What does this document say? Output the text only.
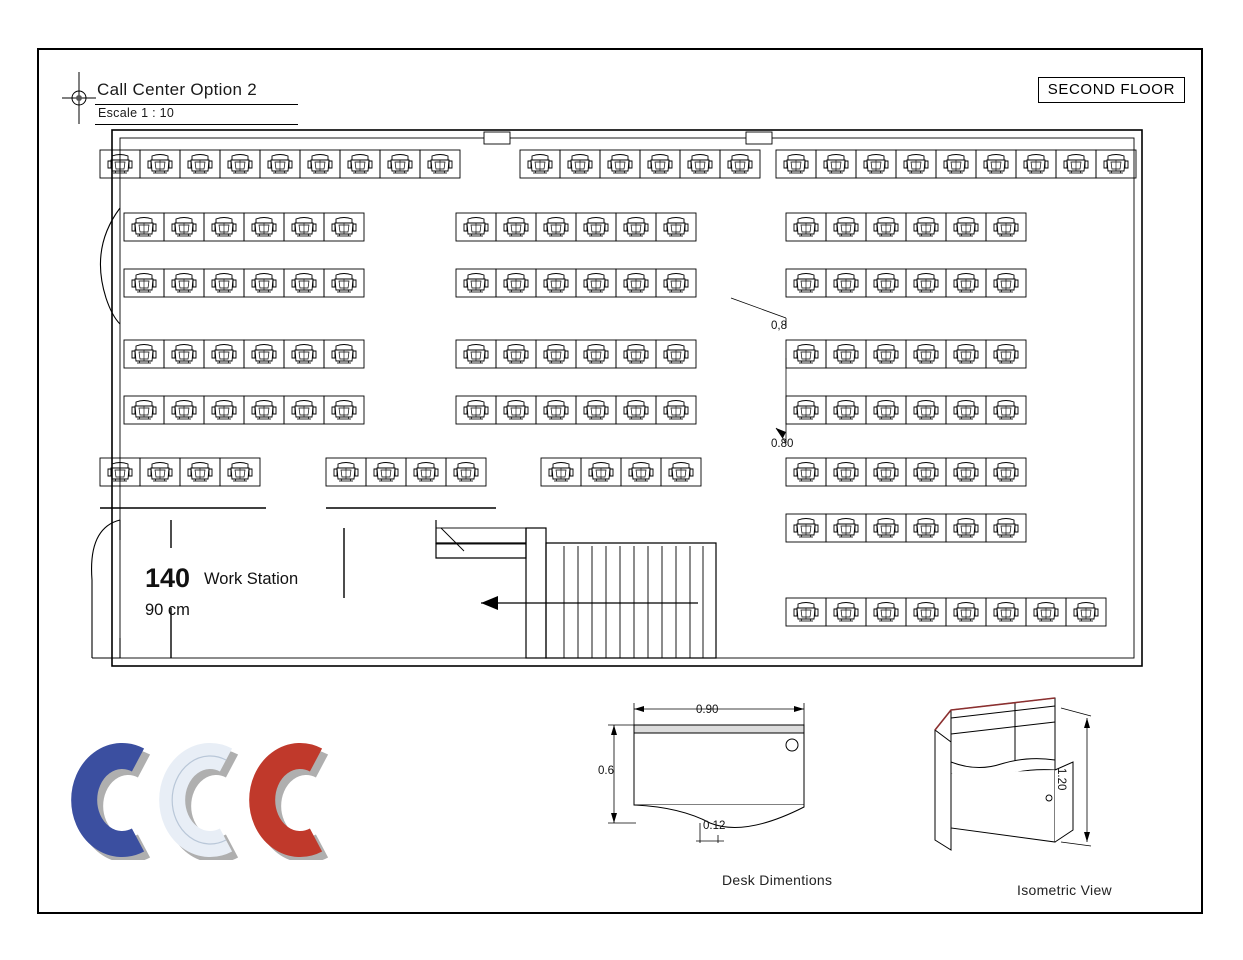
Call Center Option 2
Escale 1 : 10
SECOND FLOOR
0,8
0.80
140 Work Station
90 cm
0.90
0.6
0.12
Desk Dimentions
1.20
Isometric View
